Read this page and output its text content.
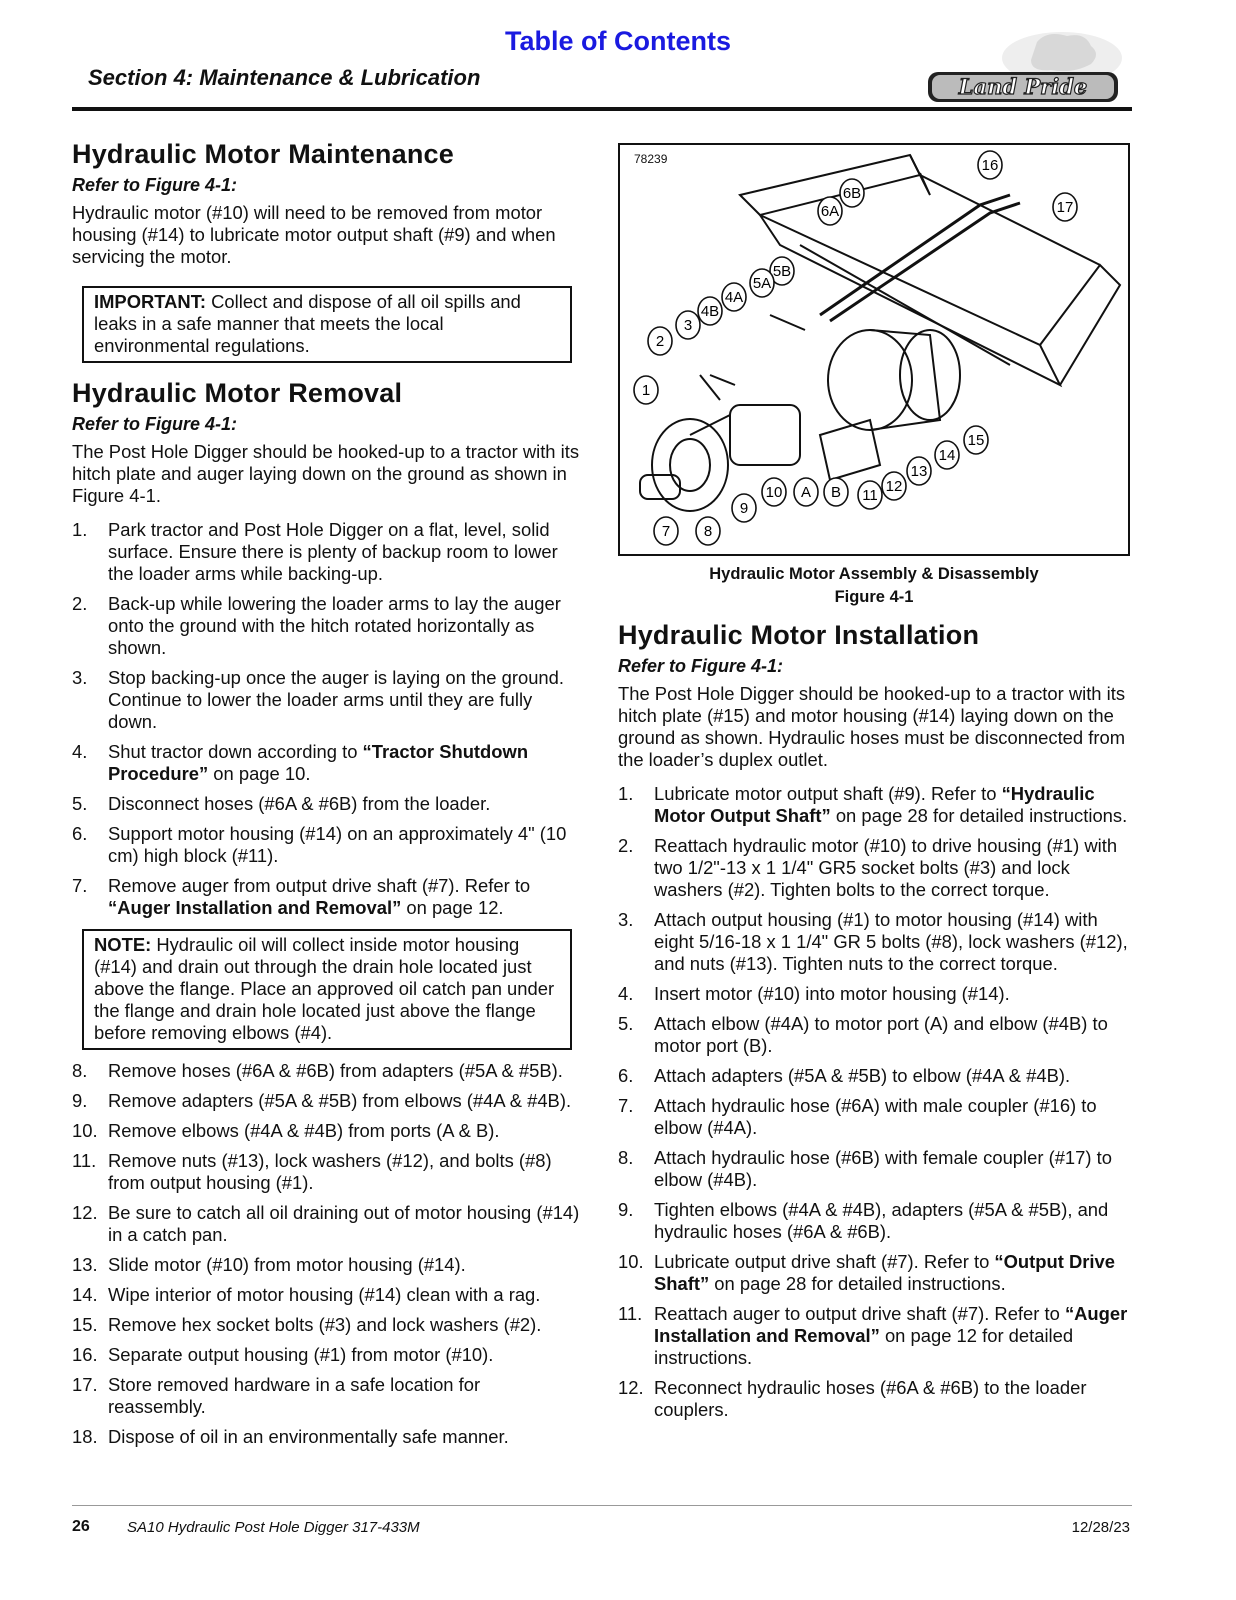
Table of Contents
Section 4: Maintenance & Lubrication	Land Pride
Hydraulic Motor Maintenance
Refer to Figure 4-1:

Hydraulic motor (#10) will need to be removed from motor housing (#14) to lubricate motor output shaft (#9) and when servicing the motor.

IMPORTANT: Collect and dispose of all oil spills and leaks in a safe manner that meets the local environmental regulations.
Hydraulic Motor Removal
Refer to Figure 4-1:

The Post Hole Digger should be hooked-up to a tractor with its hitch plate and auger laying down on the ground as shown in Figure 4-1.

1.	Park tractor and Post Hole Digger on a flat, level, solid surface. Ensure there is plenty of backup room to lower the loader arms while backing-up.
2.	Back-up while lowering the loader arms to lay the auger onto the ground with the hitch rotated horizontally as shown.
3.	Stop backing-up once the auger is laying on the ground. Continue to lower the loader arms until they are fully down.
4.	Shut tractor down according to “Tractor Shutdown Procedure” on page 10.
5.	Disconnect hoses (#6A & #6B) from the loader.
6.	Support motor housing (#14) on an approximately 4" (10 cm) high block (#11).
7.	Remove auger from output drive shaft (#7). Refer to “Auger Installation and Removal” on page 12.
NOTE: Hydraulic oil will collect inside motor housing (#14) and drain out through the drain hole located just above the flange. Place an approved oil catch pan under the flange and drain hole located just above the flange before removing elbows (#4).
8.	Remove hoses (#6A & #6B) from adapters (#5A & #5B).
9.	Remove adapters (#5A & #5B) from elbows (#4A & #4B).
10. Remove elbows (#4A & #4B) from ports (A & B).
11. Remove nuts (#13), lock washers (#12), and bolts (#8) from output housing (#1).
12. Be sure to catch all oil draining out of motor housing (#14) in a catch pan.
13. Slide motor (#10) from motor housing (#14).
14. Wipe interior of motor housing (#14) clean with a rag.
15. Remove hex socket bolts (#3) and lock washers (#2).
16. Separate output housing (#1) from motor (#10).
17. Store removed hardware in a safe location for reassembly.
18. Dispose of oil in an environmentally safe manner.
78239	16
17
6B
6A
5B
5A
4A
4B
3
2
1
15
14
13
12
11
B
A
10
9
8
7
Hydraulic Motor Assembly & Disassembly
Figure 4-1
Hydraulic Motor Installation
Refer to Figure 4-1:

The Post Hole Digger should be hooked-up to a tractor with its hitch plate (#15) and motor housing (#14) laying down on the ground as shown. Hydraulic hoses must be disconnected from the loader’s duplex outlet.

1.	Lubricate motor output shaft (#9). Refer to “Hydraulic Motor Output Shaft” on page 28 for detailed instructions.
2.	Reattach hydraulic motor (#10) to drive housing (#1) with two 1/2"-13 x 1 1/4" GR5 socket bolts (#3) and lock washers (#2). Tighten bolts to the correct torque.
3.	Attach output housing (#1) to motor housing (#14) with eight 5/16-18 x 1 1/4" GR 5 bolts (#8), lock washers (#12), and nuts (#13). Tighten nuts to the correct torque.
4.	Insert motor (#10) into motor housing (#14).
5.	Attach elbow (#4A) to motor port (A) and elbow (#4B) to motor port (B).
6.	Attach adapters (#5A & #5B) to elbow (#4A & #4B).
7.	Attach hydraulic hose (#6A) with male coupler (#16) to elbow (#4A).
8.	Attach hydraulic hose (#6B) with female coupler (#17) to elbow (#4B).
9.	Tighten elbows (#4A & #4B), adapters (#5A & #5B), and hydraulic hoses (#6A & #6B).
10. Lubricate output drive shaft (#7). Refer to “Output Drive Shaft” on page 28 for detailed instructions.
11. Reattach auger to output drive shaft (#7). Refer to “Auger Installation and Removal” on page 12 for detailed instructions.
12. Reconnect hydraulic hoses (#6A & #6B) to the loader couplers.
26 SA10 Hydraulic Post Hole Digger 317-433M	12/28/23
